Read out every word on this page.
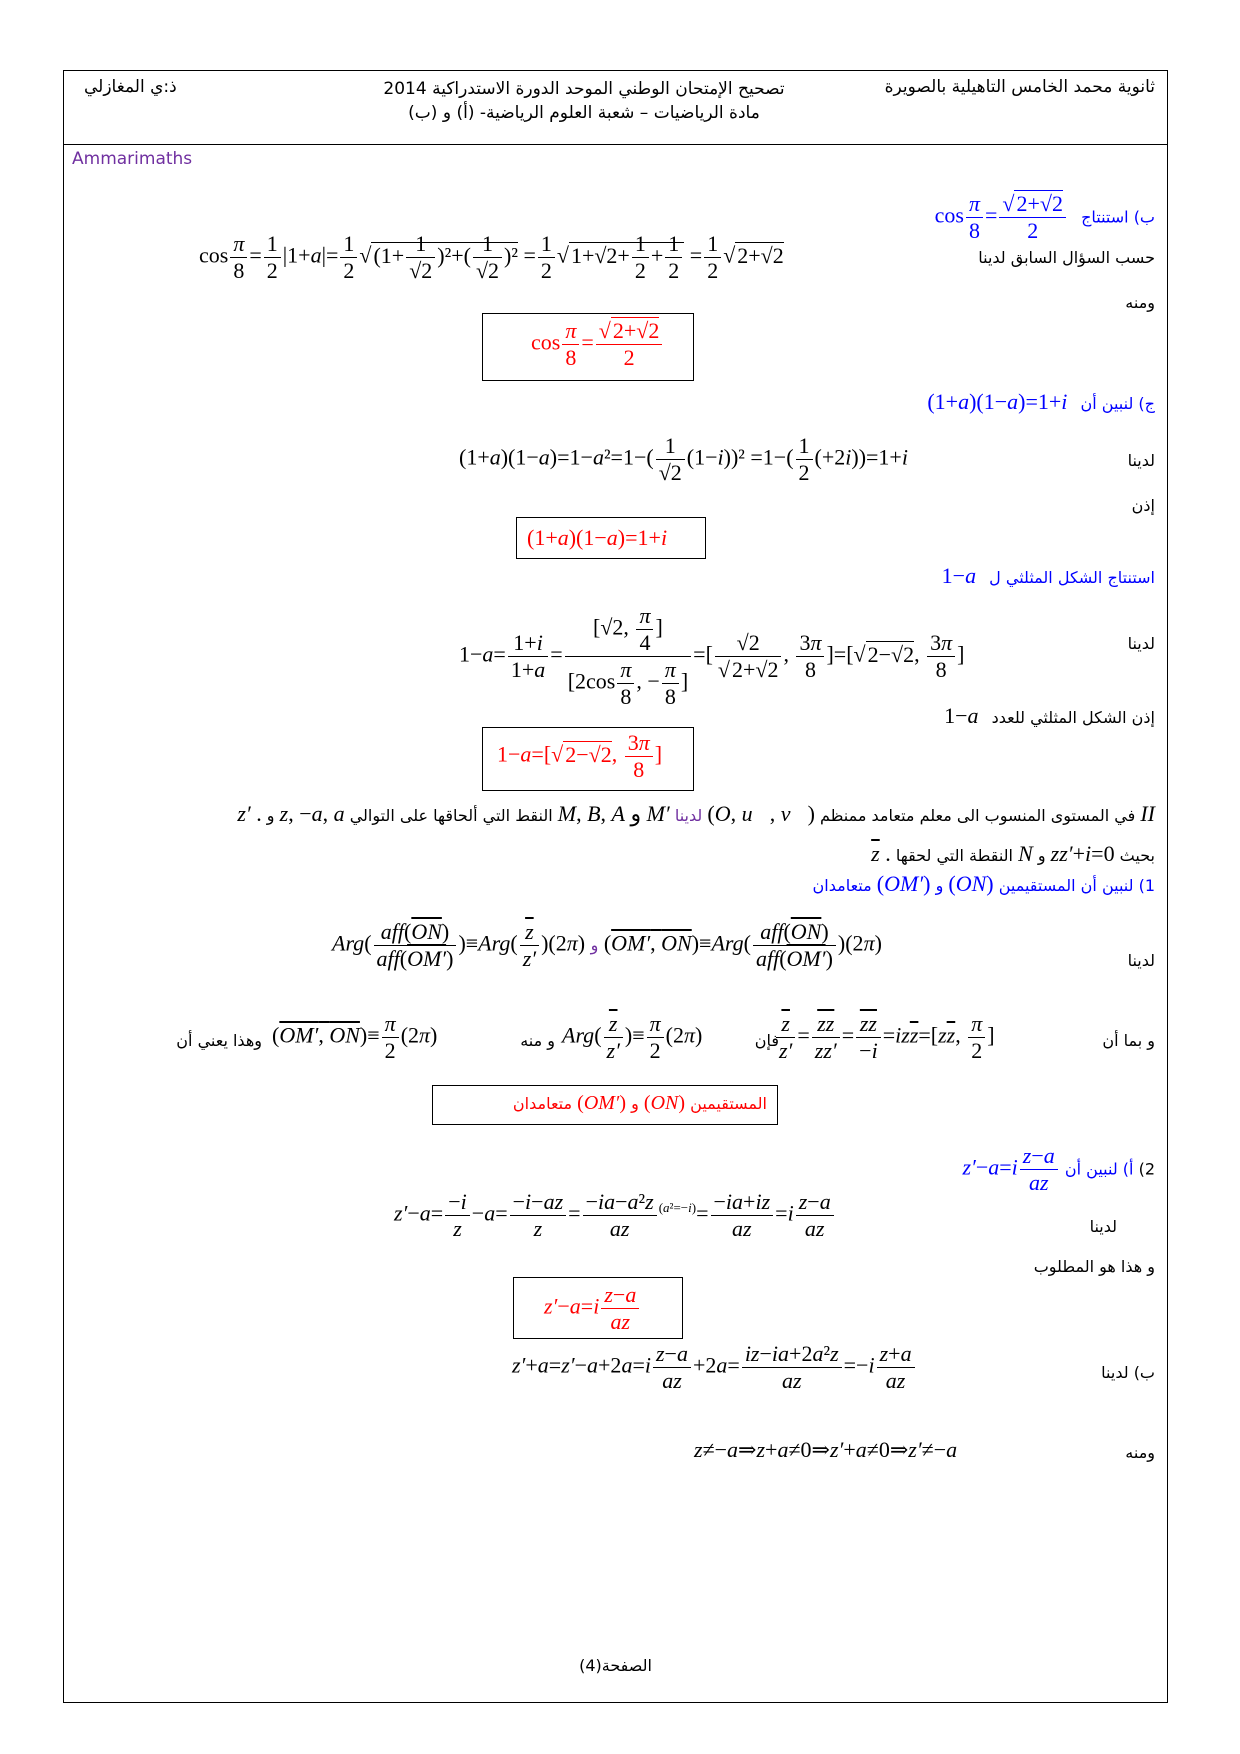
ثانوية محمد الخامس التاهيلية بالصويرة
تصحيح الإمتحان الوطني الموحد الدورة الاستدراكية 2014
مادة الرياضيات – شعبة العلوم الرياضية- (أ) و (ب)
ذ:ي المغازلي
Ammarimaths
ب) استنتاج $\cos \frac{\pi}{8} = \frac{√2+√2}{2}$
حسب السؤال السابق لدينا
$\cos \frac{\pi}{8} = \frac{1}{2} |1+a|= \frac{1}{2} √(1+ \frac{1}{√2} )^2+( \frac{1}{√2} )^2 = \frac{1}{2} √1+√2+ \frac{1}{2} + \frac{1}{2} = \frac{1}{2} √2+√2$
ومنه
$\cos \frac{\pi}{8} = \frac{√2+√2}{2}$
ج) لنبين أن (1+a)(1−a)=1+i
لدينا
$(1+a)(1-a)=1-a^2=1-( \frac{1}{√2} (1-i))^2 =1-( \frac{1}{2} (+2i))=1+i$
إذن
(1+a)(1−a)=1+i
استنتاج الشكل المثلثي ل 1−a
لدينا
$1-a= \frac{1+i}{1+a} = \frac{[√2, \frac{\pi}{4} ]}{[2\cos \frac{\pi}{8} , - \frac{\pi}{8} ]}$ =[ $\frac{√2}{√2+√2}$ , $\frac{3\pi}{8} ]=[√2-√2$, $\frac{3\pi}{8}$ ]
إذن الشكل المثلثي للعدد 1−a
1−a=[√2−√2, $\frac{3\pi}{8}$ ]
II في المستوى المنسوب الى معلم متعامد ممنظم (O, u⃗, v⃗) لدينا M, B, A و M′ النقط التي ألحاقها على التوالي z, −a, a و z′ .
بحيث zz′+i=0 و N النقطة التي لحقها $\overline{z}$ .
1) لنبين أن المستقيمين (ON) و (OM′) متعامدان
لدينا
$Arg( \frac{aff(\overline{ON})}{\text{aff(OM′)}} )\equiv Arg( \frac{\overline{z}}{z'} )(2\pi)$ و (OM′, $ON)\equiv Arg( \frac{aff(\overline{ON})}{\text{aff(OM′)}} )(2\pi)$
و بما أن
$\frac{\overline{z}}{z'} = \frac{\overline{zz}}{zz'} = \frac{\overline{zz}}{-i} =iz\overline{z}=[z\overline{z}$, $\frac{\pi}{2}$ ]
فإن
$Arg( \frac{\overline{z}}{z'}$ )≡ $\frac{\pi}{2} (2\pi)$
و منه
(OM′, $ON)\equiv \frac{\pi}{2} (2\pi)$
وهذا يعني أن
المستقيمين (ON) و (OM′) متعامدان
2) أ) لنبين أن $z'-a=i \frac{z-a}{az}$
لدينا
$z'-a= \frac{-i}{z} -a= \frac{-i-az}{z} = \frac{\text{−ia−a²z}}{az} ^{(a^2=-i)}= \frac{-ia+iz}{az} =i \frac{z-a}{az}$
و هذا هو المطلوب
$z'-a=i \frac{z-a}{az}$
ب) لدينا
$z'+a=z'-a+2a=i \frac{z-a}{az} +2a= \frac{\text{iz−ia+2a²z}}{az} =-i \frac{z+a}{az}$
ومنه
z≠−a⇒z+a≠0⇒z′+a≠0⇒z′≠−a
الصفحة(4)
